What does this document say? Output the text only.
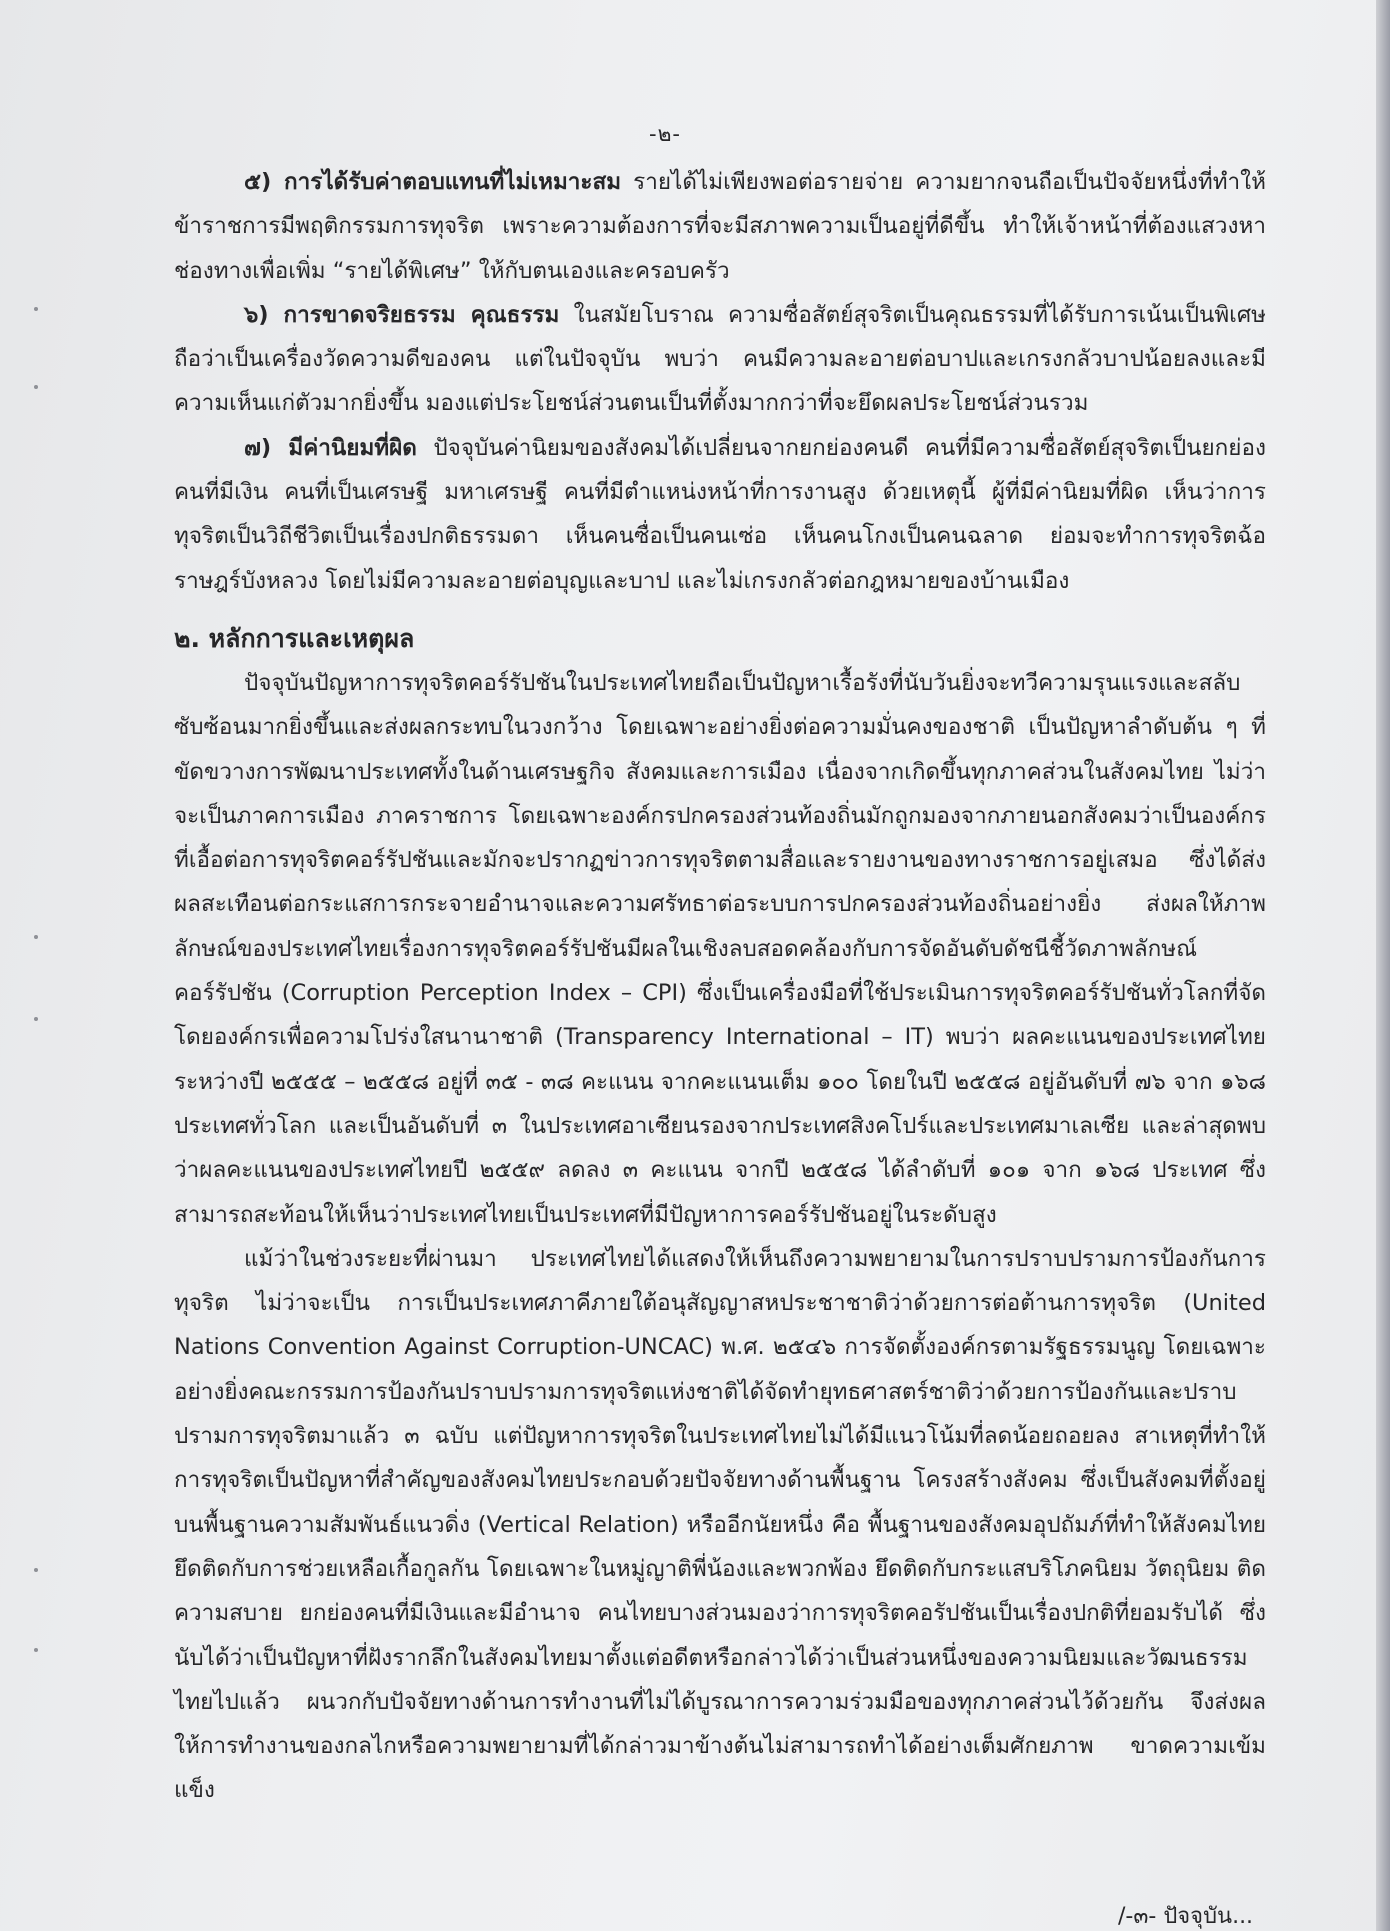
-๒-

๕) การได้รับค่าตอบแทนที่ไม่เหมาะสม รายได้ไม่เพียงพอต่อรายจ่าย ความยากจนถือเป็นปัจจัยหนึ่งที่ทำให้ข้าราชการมีพฤติกรรมการทุจริต เพราะความต้องการที่จะมีสภาพความเป็นอยู่ที่ดีขึ้น ทำให้เจ้าหน้าที่ต้องแสวงหาช่องทางเพื่อเพิ่ม “รายได้พิเศษ” ให้กับตนเองและครอบครัว

๖) การขาดจริยธรรม คุณธรรม ในสมัยโบราณ ความซื่อสัตย์สุจริตเป็นคุณธรรมที่ได้รับการเน้นเป็นพิเศษถือว่าเป็นเครื่องวัดความดีของคน แต่ในปัจจุบัน พบว่า คนมีความละอายต่อบาปและเกรงกลัวบาปน้อยลงและมีความเห็นแก่ตัวมากยิ่งขึ้น มองแต่ประโยชน์ส่วนตนเป็นที่ตั้งมากกว่าที่จะยึดผลประโยชน์ส่วนรวม

๗) มีค่านิยมที่ผิด ปัจจุบันค่านิยมของสังคมได้เปลี่ยนจากยกย่องคนดี คนที่มีความซื่อสัตย์สุจริตเป็นยกย่องคนที่มีเงิน คนที่เป็นเศรษฐี มหาเศรษฐี คนที่มีตำแหน่งหน้าที่การงานสูง ด้วยเหตุนี้ ผู้ที่มีค่านิยมที่ผิด เห็นว่าการทุจริตเป็นวิถีชีวิตเป็นเรื่องปกติธรรมดา เห็นคนซื่อเป็นคนเซ่อ เห็นคนโกงเป็นคนฉลาด ย่อมจะทำการทุจริตฉ้อราษฎร์บังหลวง โดยไม่มีความละอายต่อบุญและบาป และไม่เกรงกลัวต่อกฎหมายของบ้านเมือง

๒. หลักการและเหตุผล

ปัจจุบันปัญหาการทุจริตคอร์รัปชันในประเทศไทยถือเป็นปัญหาเรื้อรังที่นับวันยิ่งจะทวีความรุนแรงและสลับซับซ้อนมากยิ่งขึ้นและส่งผลกระทบในวงกว้าง โดยเฉพาะอย่างยิ่งต่อความมั่นคงของชาติ เป็นปัญหาลำดับต้น ๆ ที่ขัดขวางการพัฒนาประเทศทั้งในด้านเศรษฐกิจ สังคมและการเมือง เนื่องจากเกิดขึ้นทุกภาคส่วนในสังคมไทย ไม่ว่าจะเป็นภาคการเมือง ภาคราชการ โดยเฉพาะองค์กรปกครองส่วนท้องถิ่นมักถูกมองจากภายนอกสังคมว่าเป็นองค์กรที่เอื้อต่อการทุจริตคอร์รัปชันและมักจะปรากฏข่าวการทุจริตตามสื่อและรายงานของทางราชการอยู่เสมอ ซึ่งได้ส่งผลสะเทือนต่อกระแสการกระจายอำนาจและความศรัทธาต่อระบบการปกครองส่วนท้องถิ่นอย่างยิ่ง ส่งผลให้ภาพลักษณ์ของประเทศไทยเรื่องการทุจริตคอร์รัปชันมีผลในเชิงลบสอดคล้องกับการจัดอันดับดัชนีชี้วัดภาพลักษณ์คอร์รัปชัน (Corruption Perception Index – CPI) ซึ่งเป็นเครื่องมือที่ใช้ประเมินการทุจริตคอร์รัปชันทั่วโลกที่จัดโดยองค์กรเพื่อความโปร่งใสนานาชาติ (Transparency International – IT) พบว่า ผลคะแนนของประเทศไทยระหว่างปี ๒๕๕๕ – ๒๕๕๘ อยู่ที่ ๓๕ - ๓๘ คะแนน จากคะแนนเต็ม ๑๐๐ โดยในปี ๒๕๕๘ อยู่อันดับที่ ๗๖ จาก ๑๖๘ ประเทศทั่วโลก และเป็นอันดับที่ ๓ ในประเทศอาเซียนรองจากประเทศสิงคโปร์และประเทศมาเลเซีย และล่าสุดพบว่าผลคะแนนของประเทศไทยปี ๒๕๕๙ ลดลง ๓ คะแนน จากปี ๒๕๕๘ ได้ลำดับที่ ๑๐๑ จาก ๑๖๘ ประเทศ ซึ่งสามารถสะท้อนให้เห็นว่าประเทศไทยเป็นประเทศที่มีปัญหาการคอร์รัปชันอยู่ในระดับสูง

แม้ว่าในช่วงระยะที่ผ่านมา ประเทศไทยได้แสดงให้เห็นถึงความพยายามในการปราบปรามการป้องกันการทุจริต ไม่ว่าจะเป็น การเป็นประเทศภาคีภายใต้อนุสัญญาสหประชาชาติว่าด้วยการต่อต้านการทุจริต (United Nations Convention Against Corruption-UNCAC) พ.ศ. ๒๕๔๖ การจัดตั้งองค์กรตามรัฐธรรมนูญ โดยเฉพาะอย่างยิ่งคณะกรรมการป้องกันปราบปรามการทุจริตแห่งชาติได้จัดทำยุทธศาสตร์ชาติว่าด้วยการป้องกันและปราบปรามการทุจริตมาแล้ว ๓ ฉบับ แต่ปัญหาการทุจริตในประเทศไทยไม่ได้มีแนวโน้มที่ลดน้อยถอยลง สาเหตุที่ทำให้การทุจริตเป็นปัญหาที่สำคัญของสังคมไทยประกอบด้วยปัจจัยทางด้านพื้นฐาน โครงสร้างสังคม ซึ่งเป็นสังคมที่ตั้งอยู่บนพื้นฐานความสัมพันธ์แนวดิ่ง (Vertical Relation) หรืออีกนัยหนึ่ง คือ พื้นฐานของสังคมอุปถัมภ์ที่ทำให้สังคมไทยยึดติดกับการช่วยเหลือเกื้อกูลกัน โดยเฉพาะในหมู่ญาติพี่น้องและพวกพ้อง ยึดติดกับกระแสบริโภคนิยม วัตถุนิยม ติดความสบาย ยกย่องคนที่มีเงินและมีอำนาจ คนไทยบางส่วนมองว่าการทุจริตคอรัปชันเป็นเรื่องปกติที่ยอมรับได้ ซึ่งนับได้ว่าเป็นปัญหาที่ฝังรากลึกในสังคมไทยมาตั้งแต่อดีตหรือกล่าวได้ว่าเป็นส่วนหนึ่งของความนิยมและวัฒนธรรมไทยไปแล้ว ผนวกกับปัจจัยทางด้านการทำงานที่ไม่ได้บูรณาการความร่วมมือของทุกภาคส่วนไว้ด้วยกัน จึงส่งผลให้การทำงานของกลไกหรือความพยายามที่ได้กล่าวมาข้างต้นไม่สามารถทำได้อย่างเต็มศักยภาพ ขาดความเข้มแข็ง

/-๓- ปัจจุบัน...
